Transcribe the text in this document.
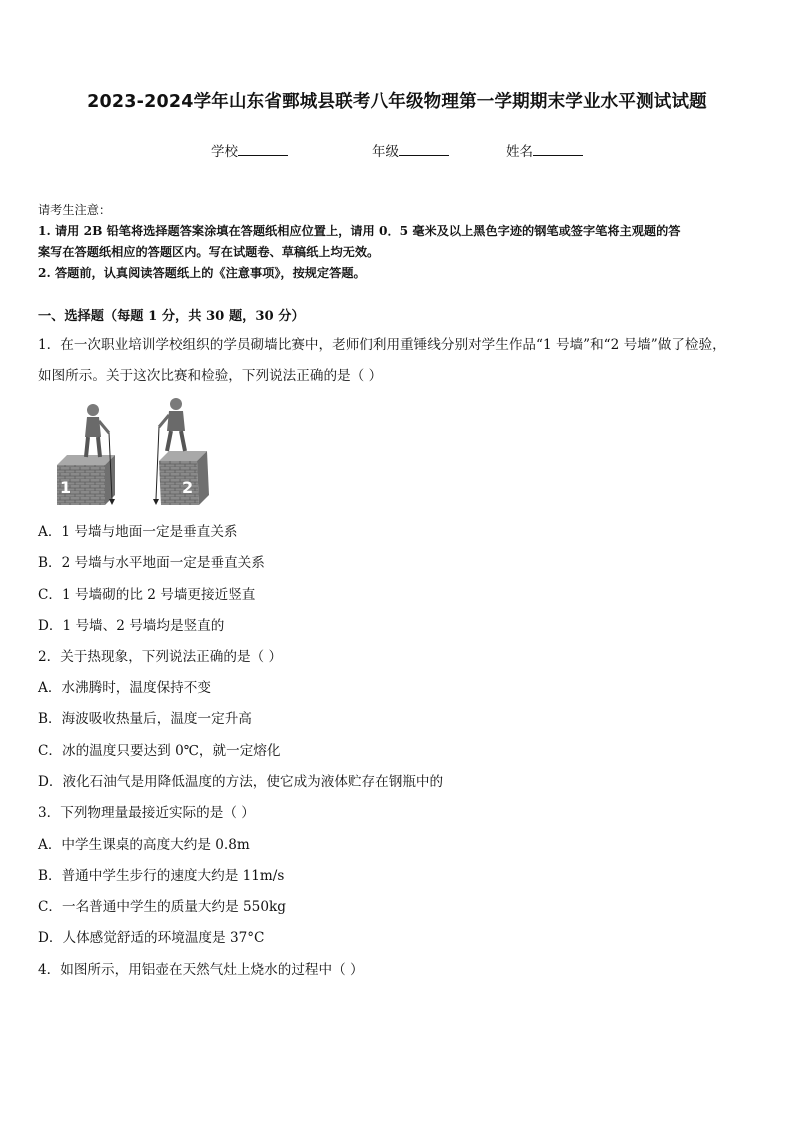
2023-2024学年山东省鄄城县联考八年级物理第一学期期末学业水平测试试题
学校	年级	姓名
请考生注意：
1. 请用 2B 铅笔将选择题答案涂填在答题纸相应位置上，请用 0．5 毫米及以上黑色字迹的钢笔或签字笔将主观题的答
案写在答题纸相应的答题区内。写在试题卷、草稿纸上均无效。
2. 答题前，认真阅读答题纸上的《注意事项》，按规定答题。
一、选择题（每题 1 分，共 30 题，30 分）
1．在一次职业培训学校组织的学员砌墙比赛中，老师们利用重锤线分别对学生作品“1 号墙”和“2 号墙”做了检验，
如图所示。关于这次比赛和检验，下列说法正确的是（ ）
1	2
A．1 号墙与地面一定是垂直关系
B．2 号墙与水平地面一定是垂直关系
C．1 号墙砌的比 2 号墙更接近竖直
D．1 号墙、2 号墙均是竖直的
2．关于热现象，下列说法正确的是（ ）
A．水沸腾时，温度保持不变
B．海波吸收热量后，温度一定升高
C．冰的温度只要达到 0℃，就一定熔化
D．液化石油气是用降低温度的方法，使它成为液体贮存在钢瓶中的
3．下列物理量最接近实际的是（ ）
A．中学生课桌的高度大约是 0.8m
B．普通中学生步行的速度大约是 11m/s
C．一名普通中学生的质量大约是 550kg
D．人体感觉舒适的环境温度是 37°C
4．如图所示，用铝壶在天然气灶上烧水的过程中（ ）
